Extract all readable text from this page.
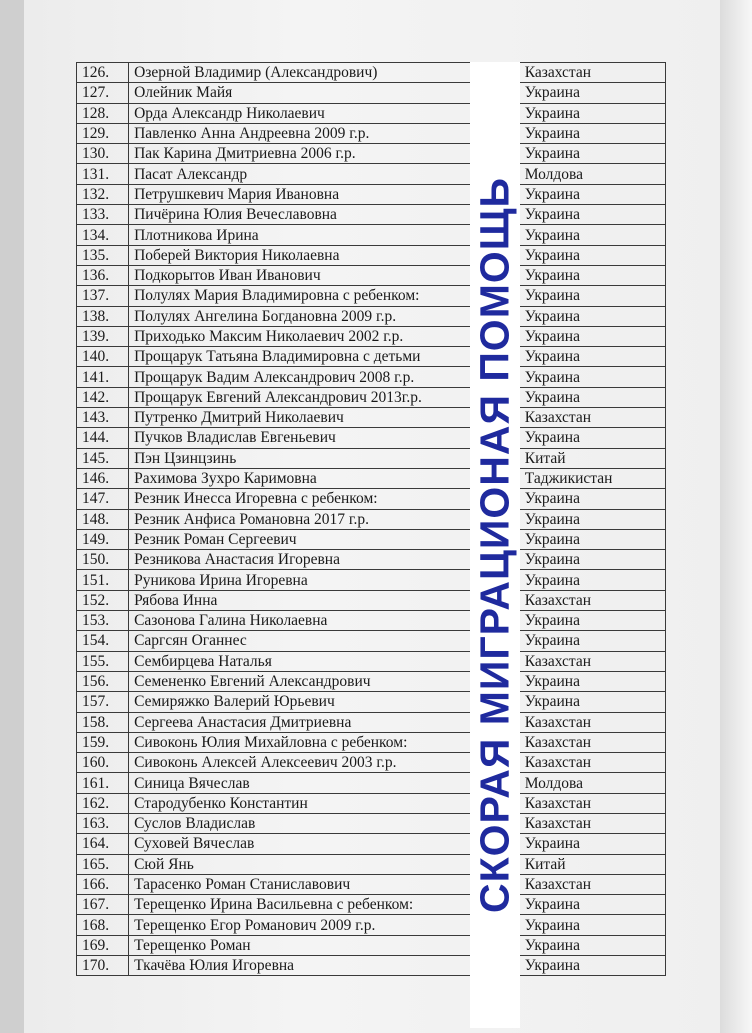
126.	Озерной Владимир (Александрович)	Казахстан
127.	Олейник Майя	Украина
128.	Орда Александр Николаевич	Украина
129.	Павленко Анна Андреевна 2009 г.р.	Украина
130.	Пак Карина Дмитриевна 2006 г.р.	Украина
131.	Пасат Александр	Молдова
132.	Петрушкевич Мария Ивановна	Украина
133.	Пичёрина Юлия Вечеславовна	Украина
134.	Плотникова Ирина	Украина
135.	Поберей Виктория Николаевна	Украина
136.	Подкорытов Иван Иванович	Украина
137.	Полулях Мария Владимировна с ребенком:	Украина
138.	Полулях Ангелина Богдановна 2009 г.р.	Украина
139.	Приходько Максим Николаевич 2002 г.р.	Украина
140.	Прощарук Татьяна Владимировна с детьми	Украина
141.	Прощарук Вадим Александрович 2008 г.р.	Украина
142.	Прощарук Евгений Александрович 2013г.р.	Украина
143.	Путренко Дмитрий Николаевич	Казахстан
144.	Пучков Владислав Евгеньевич	Украина
145.	Пэн Цзинцзинь	Китай
146.	Рахимова Зухро Каримовна	Таджикистан
147.	Резник Инесса Игоревна с ребенком:	Украина
148.	Резник Анфиса Романовна 2017 г.р.	Украина
149.	Резник Роман Сергеевич	Украина
150.	Резникова Анастасия Игоревна	Украина
151.	Руникова Ирина Игоревна	Украина
152.	Рябова Инна	Казахстан
153.	Сазонова Галина Николаевна	Украина
154.	Саргсян Оганнес	Украина
155.	Сембирцева Наталья	Казахстан
156.	Семененко Евгений Александрович	Украина
157.	Семиряжко Валерий Юрьевич	Украина
158.	Сергеева Анастасия Дмитриевна	Казахстан
159.	Сивоконь Юлия Михайловна с ребенком:	Казахстан
160.	Сивоконь Алексей Алексеевич 2003 г.р.	Казахстан
161.	Синица Вячеслав	Молдова
162.	Стародубенко Константин	Казахстан
163.	Суслов Владислав	Казахстан
164.	Суховей Вячеслав	Украина
165.	Сюй Янь	Китай
166.	Тарасенко Роман Станиславович	Казахстан
167.	Терещенко Ирина Васильевна с ребенком:	Украина
168.	Терещенко Егор Романович 2009 г.р.	Украина
169.	Терещенко Роман	Украина
170.	Ткачёва Юлия Игоревна	Украина
СКОРАЯ МИГРАЦИОНАЯ ПОМОЩЬ
